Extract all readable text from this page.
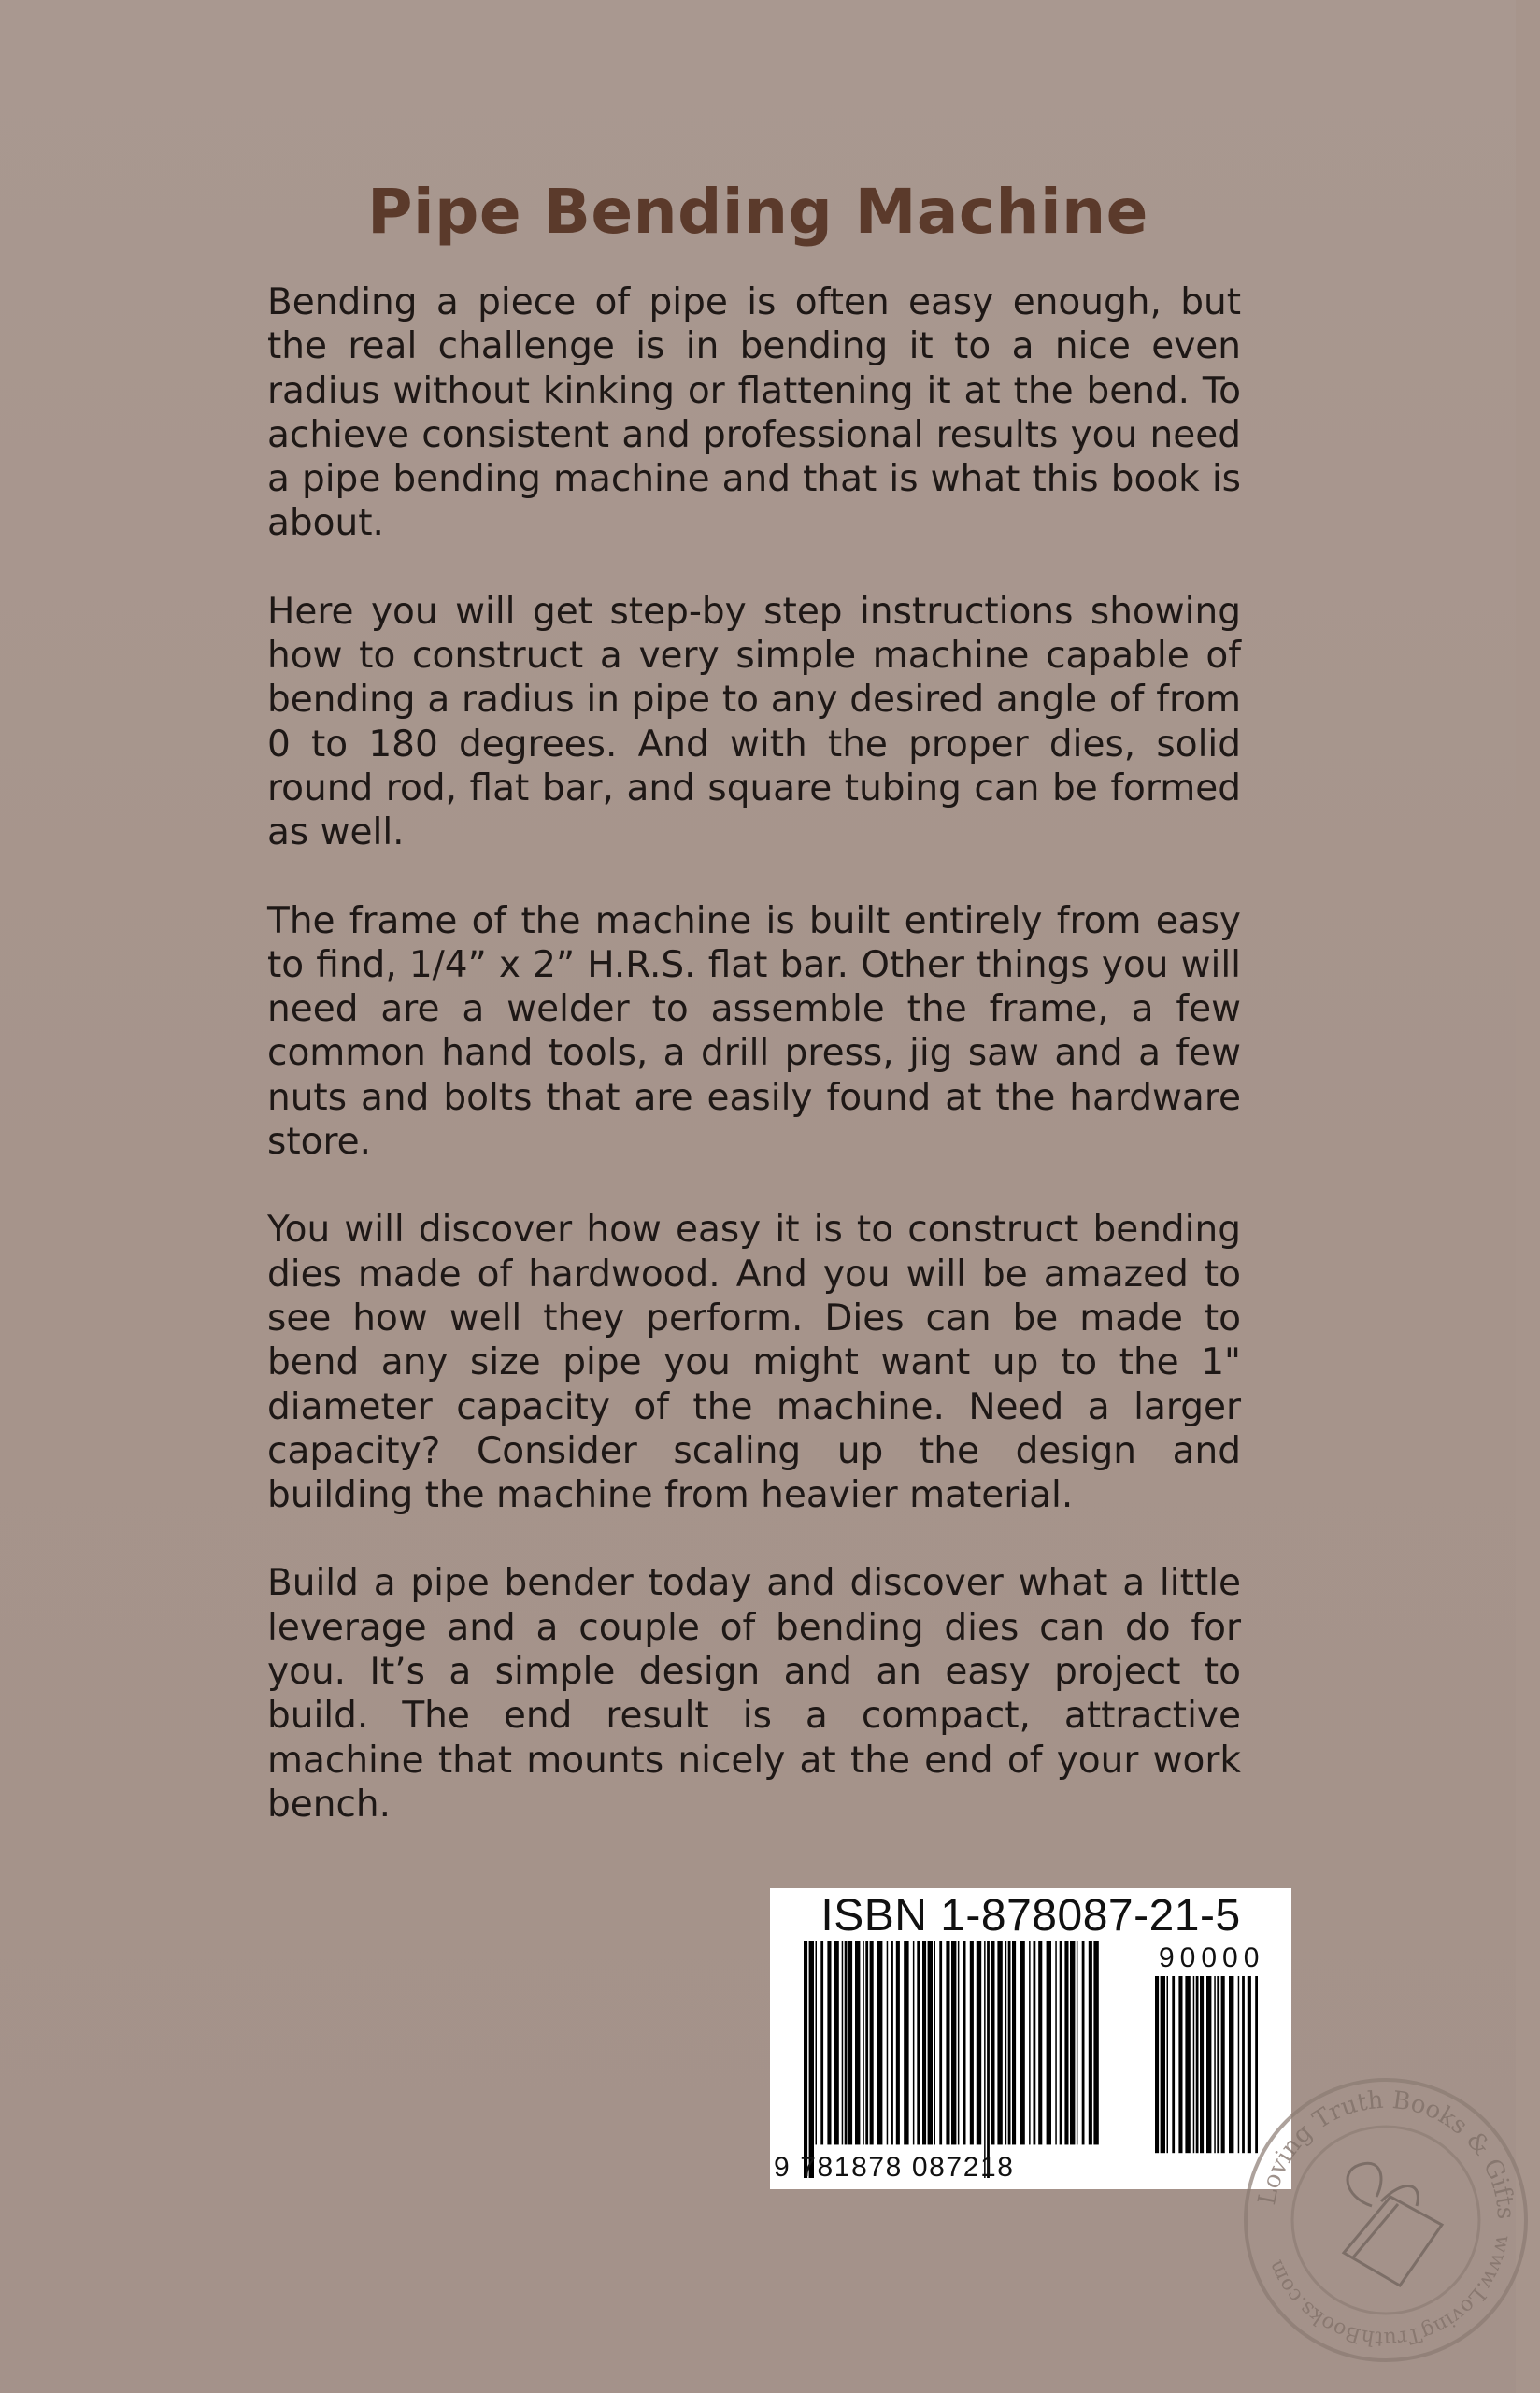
Pipe Bending Machine

Bending a piece of pipe is often easy enough, but the real challenge is in bending it to a nice even radius without kinking or flattening it at the bend. To achieve consistent and professional results you need a pipe bending machine and that is what this book is about.

Here you will get step-by step instructions showing how to construct a very simple machine capable of bending a radius in pipe to any desired angle of from 0 to 180 degrees. And with the proper dies, solid round rod, flat bar, and square tubing can be formed as well.

The frame of the machine is built entirely from easy to find, 1/4” x 2” H.R.S. flat bar. Other things you will need are a welder to assemble the frame, a few common hand tools, a drill press, jig saw and a few nuts and bolts that are easily found at the hardware store.

You will discover how easy it is to construct bending dies made of hardwood. And you will be amazed to see how well they perform. Dies can be made to bend any size pipe you might want up to the 1" diameter capacity of the machine. Need a larger capacity? Consider scaling up the design and building the machine from heavier material.

Build a pipe bender today and discover what a little leverage and a couple of bending dies can do for you. It’s a simple design and an easy project to build. The end result is a compact, attractive machine that mounts nicely at the end of your work bench.

ISBN 1-878087-21-5
9 781878 087218
90000
Loving Truth Books & Gifts
www.LovingTruthBooks.com
